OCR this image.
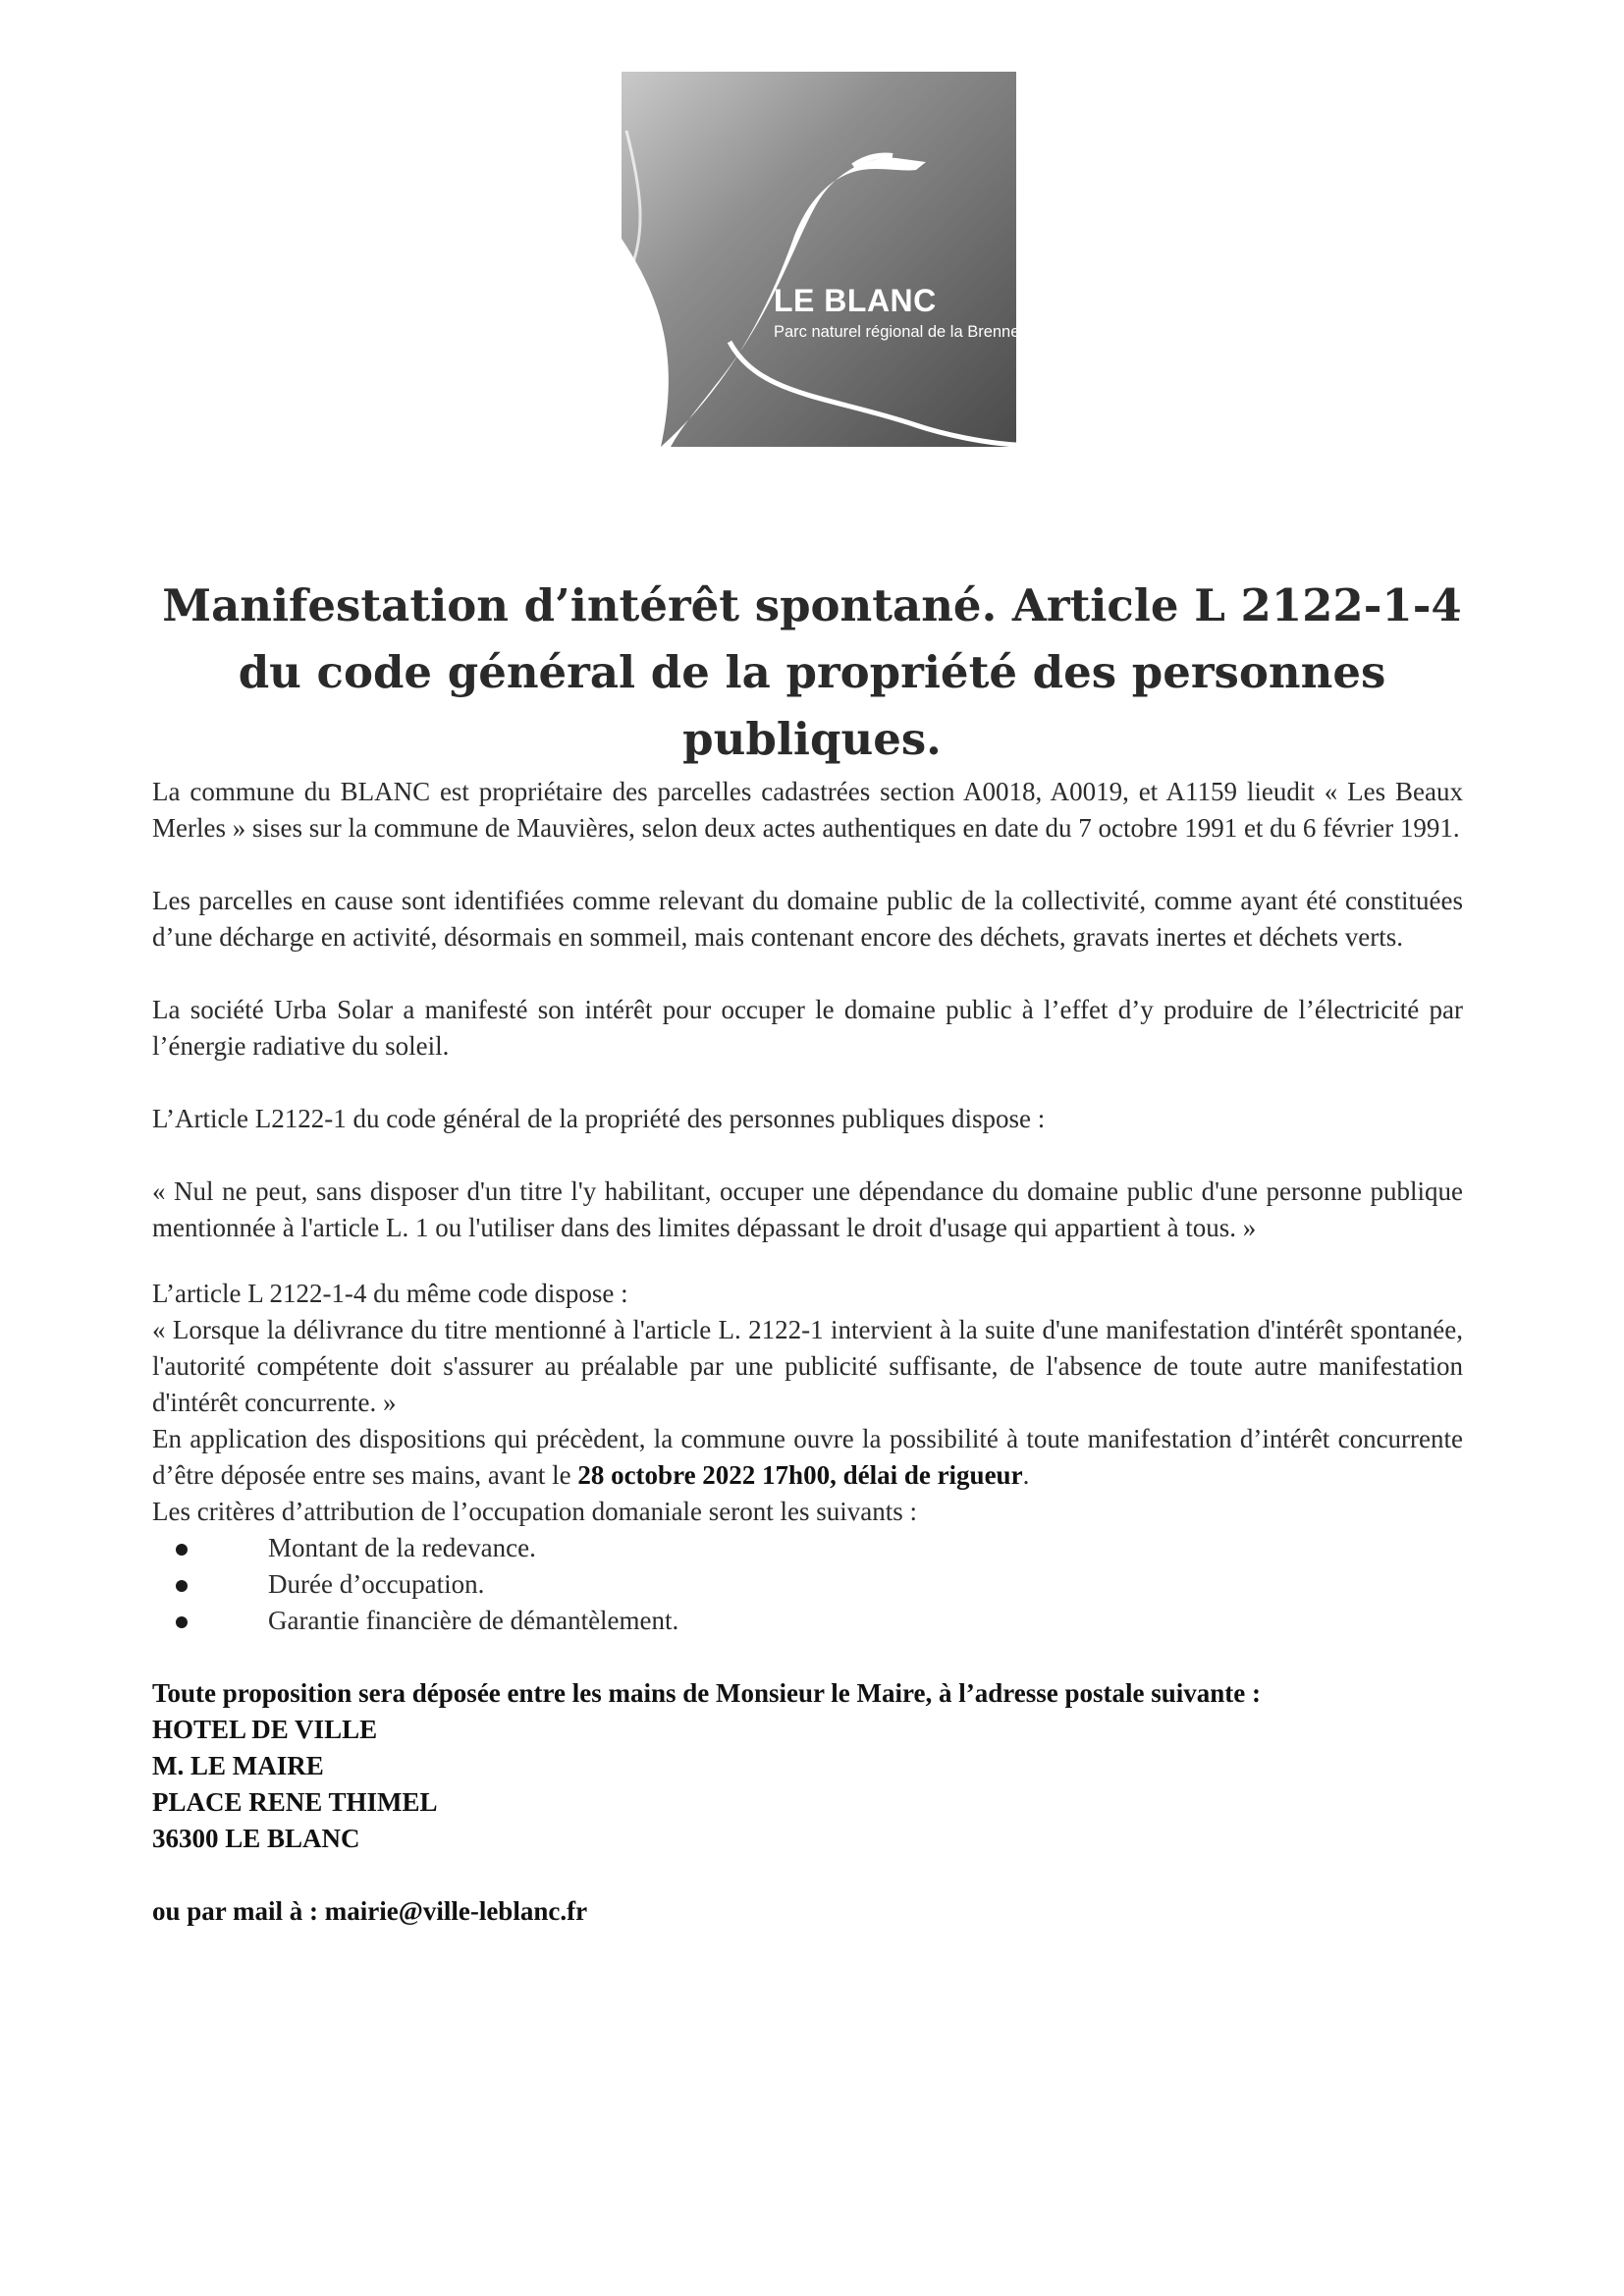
LE BLANC
Parc naturel régional de la Brenne
Manifestation d’intérêt spontané. Article L 2122-1-4 du code général de la propriété des personnes publiques.

La commune du BLANC est propriétaire des parcelles cadastrées section A0018, A0019, et A1159 lieudit « Les Beaux Merles » sises sur la commune de Mauvières, selon deux actes authentiques en date du 7 octobre 1991 et du 6 février 1991.

Les parcelles en cause sont identifiées comme relevant du domaine public de la collectivité, comme ayant été constituées d’une décharge en activité, désormais en sommeil, mais contenant encore des déchets, gravats inertes et déchets verts.

La société Urba Solar a manifesté son intérêt pour occuper le domaine public à l’effet d’y produire de l’électricité par l’énergie radiative du soleil.

L’Article L2122-1 du code général de la propriété des personnes publiques dispose :

« Nul ne peut, sans disposer d'un titre l'y habilitant, occuper une dépendance du domaine public d'une personne publique mentionnée à l'article L. 1 ou l'utiliser dans des limites dépassant le droit d'usage qui appartient à tous. »

L’article L 2122-1-4 du même code dispose :

« Lorsque la délivrance du titre mentionné à l'article L. 2122-1 intervient à la suite d'une manifestation d'intérêt spontanée, l'autorité compétente doit s'assurer au préalable par une publicité suffisante, de l'absence de toute autre manifestation d'intérêt concurrente. »

En application des dispositions qui précèdent, la commune ouvre la possibilité à toute manifestation d’intérêt concurrente d’être déposée entre ses mains, avant le 28 octobre 2022 17h00, délai de rigueur.

Les critères d’attribution de l’occupation domaniale seront les suivants :

Montant de la redevance.
Durée d’occupation.
Garantie financière de démantèlement.

Toute proposition sera déposée entre les mains de Monsieur le Maire, à l’adresse postale suivante :

HOTEL DE VILLE
M. LE MAIRE
PLACE RENE THIMEL
36300 LE BLANC

ou par mail à : mairie@ville-leblanc.fr
